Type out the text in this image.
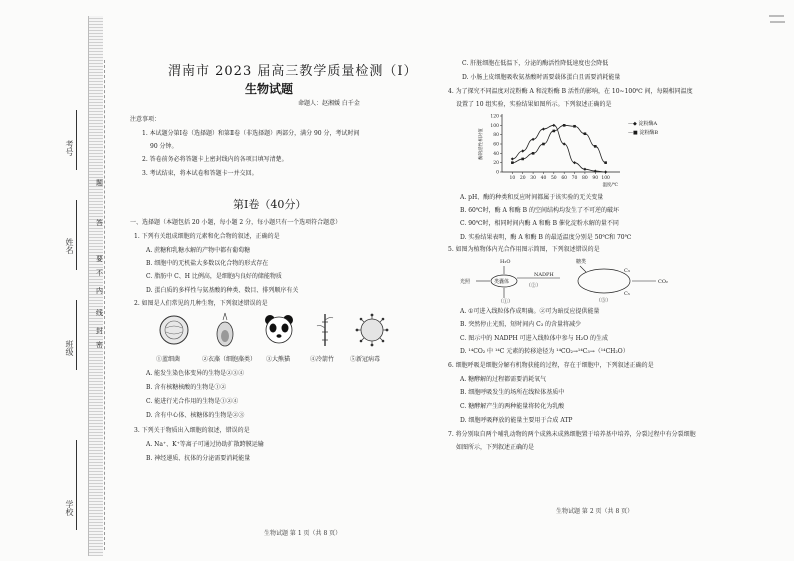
考号
姓名
班级
学校
题
答
要
不
内
线
封
密
渭南市 2023 届高三教学质量检测（Ⅰ）
生物试题
命题人：赵湘媛 白千金
注意事项：
1. 本试题分第Ⅰ卷（选择题）和第Ⅱ卷（非选择题）两部分，满分 90 分，考试时间
90 分钟。
2. 答卷前务必将答题卡上密封线内的各项目填写清楚。
3. 考试结束，将本试卷和答题卡一并交回。
第Ⅰ卷（40分）
一、选择题（本题包括 20 小题，每小题 2 分，每小题只有一个选项符合题意）
1. 下列有关组成细胞的元素和化合物的叙述，正确的是
A. 蔗糖和乳糖水解的产物中都有葡萄糖
B. 细胞中的无机盐大多数以化合物的形式存在
C. 脂肪中 C、H 比例高，是细胞内良好的储能物质
D. 蛋白质的多样性与氨基酸的种类、数目、排列顺序有关
2. 如图是人们常见的几种生物，下列叙述错误的是
①蓝细菌	②衣藻（细胞藻类） ③大熊猫	④冷箭竹	⑤新冠病毒
A. 能发生染色体变异的生物是②③④
B. 含有核糖核酸的生物是①②
C. 能进行光合作用的生物是①②④
D. 含有中心体、核糖体的生物是②③
3. 下列关于物质出入细胞的叙述，错误的是
A. Na⁺、K⁺等离子可通过协助扩散跨膜运输
B. 神经递质、抗体的分泌需要消耗能量
生物试题 第 1 页（共 8 页）
C. 肝脏细胞在低温下，分泌的酶活性降低速度也会降低
D. 小肠上皮细胞吸收氨基酸时需要载体蛋白且需要消耗能量
4. 为了探究不同温度对淀粉酶 A 和淀粉酶 B 活性的影响，在 10~100℃ 间，每隔相同温度
设置了 10 组实验，实验结果如图所示。下列叙述正确的是
0
20
40
60
80
100
120
10 20 30 40 50 60 70 80 90 100
温度/℃
酶的活性相对值
—◆ 淀粉酶A
—■ 淀粉酶B
A. pH、酶的种类和反应时间都属于该实验的无关变量
B. 60℃时，酶 A 和酶 B 的空间结构均发生了不可逆的破坏
C. 90℃时，相同时间内酶 A 和酶 B 催化淀粉水解的量不同
D. 实验结果表明，酶 A 和酶 B 的最适温度分别是 50℃和 70℃
5. 如图为植物体内光合作用图示简图，下列叙述错误的是
H₂O	糖类
光照	类囊体
（①）
NADPH
（②）
C₃
C₅
CO₂
（③）
A. ①可进入线粒体作成明确。②可为暗反应提供能量
B. 突然停止光照，短时间内 C₃ 的含量将减少
C. 图示中的 NADPH 可进入线粒体中参与 H₂O 的生成
D. ¹⁴CO₂ 中 ¹⁴C 元素的转移途径为 ¹⁴CO₂→¹⁴C₃→（¹⁴CH₂O）
6. 细胞呼吸是细胞分解有机物获能的过程，存在于细胞中，下列叙述正确的是
A. 糖酵解的过程都需要消耗氧气
B. 细胞呼吸发生的场所在线粒体基质中
C. 糖酵解产生的两种能量将转化为乳酸
D. 细胞呼吸释放的能量主要用于合成 ATP
7. 将分别取自两个哺乳动物的两个成熟未成熟细胞置于培养基中培养，分裂过程中有分裂细胞
如图所示，下列叙述正确的是
生物试题 第 2 页（共 8 页）
